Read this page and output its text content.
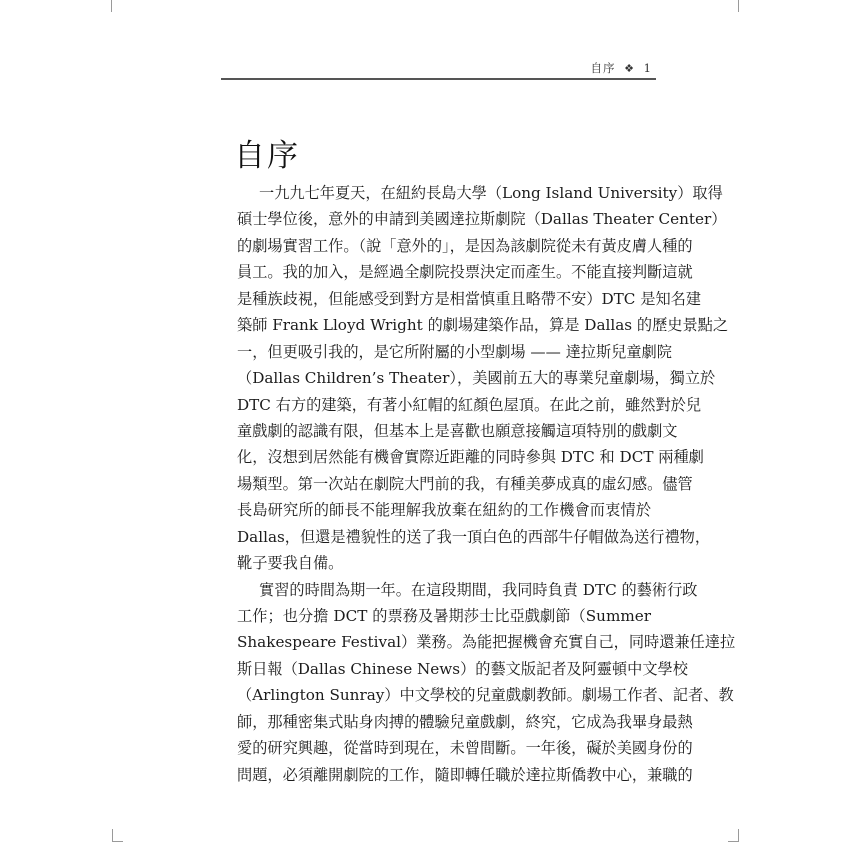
自序 ❖ 1
自序
一九九七年夏天，在紐約長島大學（Long Island University）取得
碩士學位後，意外的申請到美國達拉斯劇院（Dallas Theater Center）
的劇場實習工作。（說「意外的」，是因為該劇院從未有黃皮膚人種的
員工。我的加入，是經過全劇院投票決定而產生。不能直接判斷這就
是種族歧視，但能感受到對方是相當慎重且略帶不安）DTC 是知名建
築師 Frank Lloyd Wright 的劇場建築作品，算是 Dallas 的歷史景點之
一，但更吸引我的，是它所附屬的小型劇場 —— 達拉斯兒童劇院
（Dallas Children’s Theater），美國前五大的專業兒童劇場，獨立於
DTC 右方的建築，有著小紅帽的紅顏色屋頂。在此之前，雖然對於兒
童戲劇的認識有限，但基本上是喜歡也願意接觸這項特別的戲劇文
化，沒想到居然能有機會實際近距離的同時參與 DTC 和 DCT 兩種劇
場類型。第一次站在劇院大門前的我，有種美夢成真的虛幻感。儘管
長島研究所的師長不能理解我放棄在紐約的工作機會而衷情於
Dallas，但還是禮貌性的送了我一頂白色的西部牛仔帽做為送行禮物，
靴子要我自備。
實習的時間為期一年。在這段期間，我同時負責 DTC 的藝術行政
工作；也分擔 DCT 的票務及暑期莎士比亞戲劇節（Summer
Shakespeare Festival）業務。為能把握機會充實自己，同時還兼任達拉
斯日報（Dallas Chinese News）的藝文版記者及阿靈頓中文學校
（Arlington Sunray）中文學校的兒童戲劇教師。劇場工作者、記者、教
師，那種密集式貼身肉搏的體驗兒童戲劇，終究，它成為我畢身最熱
愛的研究興趣，從當時到現在，未曾間斷。一年後，礙於美國身份的
問題，必須離開劇院的工作，隨即轉任職於達拉斯僑教中心，兼職的
